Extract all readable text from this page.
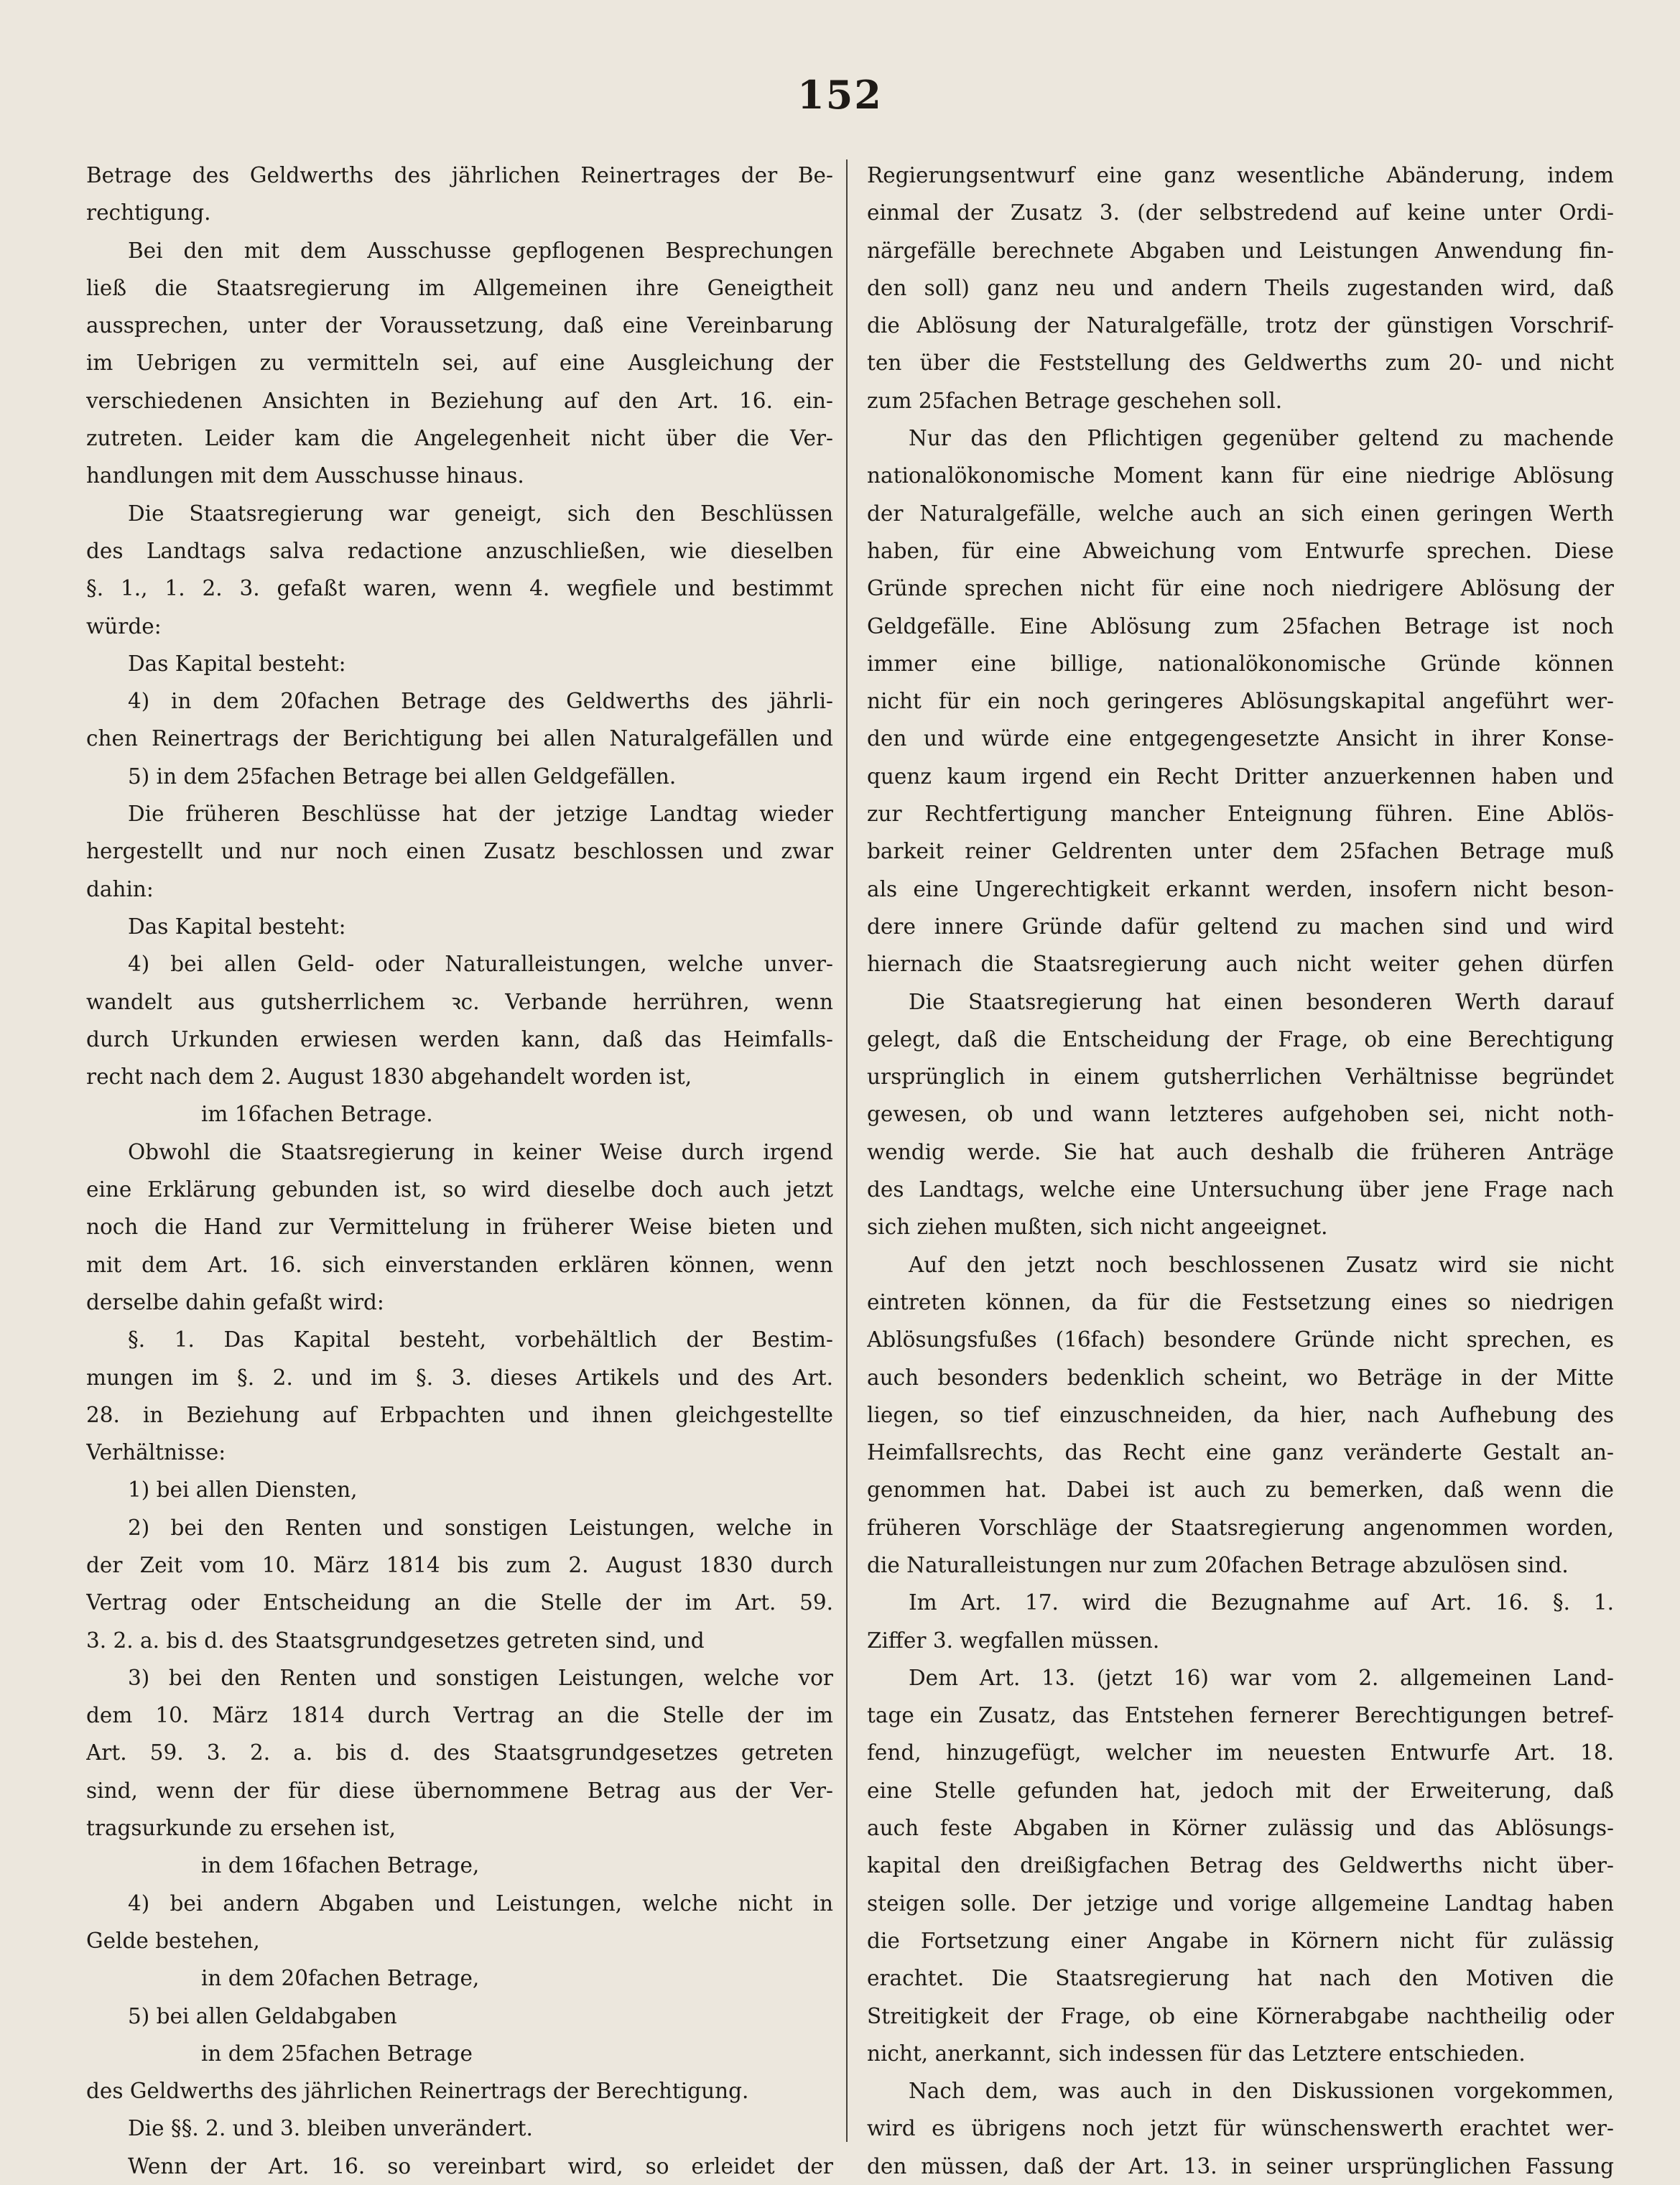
152
Betrage des Geldwerths des jährlichen Reinertrages der Be-
rechtigung.
Bei den mit dem Ausschusse gepflogenen Besprechungen
ließ die Staatsregierung im Allgemeinen ihre Geneigtheit
aussprechen, unter der Voraussetzung, daß eine Vereinbarung
im Uebrigen zu vermitteln sei, auf eine Ausgleichung der
verschiedenen Ansichten in Beziehung auf den Art. 16. ein-
zutreten. Leider kam die Angelegenheit nicht über die Ver-
handlungen mit dem Ausschusse hinaus.
Die Staatsregierung war geneigt, sich den Beschlüssen
des Landtags salva redactione anzuschließen, wie dieselben
§. 1., 1. 2. 3. gefaßt waren, wenn 4. wegfiele und bestimmt
würde:
Das Kapital besteht:
4) in dem 20fachen Betrage des Geldwerths des jährli-
chen Reinertrags der Berichtigung bei allen Naturalgefällen und
5) in dem 25fachen Betrage bei allen Geldgefällen.
Die früheren Beschlüsse hat der jetzige Landtag wieder
hergestellt und nur noch einen Zusatz beschlossen und zwar
dahin:
Das Kapital besteht:
4) bei allen Geld- oder Naturalleistungen, welche unver-
wandelt aus gutsherrlichem ꝛc. Verbande herrühren, wenn
durch Urkunden erwiesen werden kann, daß das Heimfalls-
recht nach dem 2. August 1830 abgehandelt worden ist,
im 16fachen Betrage.
Obwohl die Staatsregierung in keiner Weise durch irgend
eine Erklärung gebunden ist, so wird dieselbe doch auch jetzt
noch die Hand zur Vermittelung in früherer Weise bieten und
mit dem Art. 16. sich einverstanden erklären können, wenn
derselbe dahin gefaßt wird:
§. 1. Das Kapital besteht, vorbehältlich der Bestim-
mungen im §. 2. und im §. 3. dieses Artikels und des Art.
28. in Beziehung auf Erbpachten und ihnen gleichgestellte
Verhältnisse:
1) bei allen Diensten,
2) bei den Renten und sonstigen Leistungen, welche in
der Zeit vom 10. März 1814 bis zum 2. August 1830 durch
Vertrag oder Entscheidung an die Stelle der im Art. 59.
3. 2. a. bis d. des Staatsgrundgesetzes getreten sind, und
3) bei den Renten und sonstigen Leistungen, welche vor
dem 10. März 1814 durch Vertrag an die Stelle der im
Art. 59. 3. 2. a. bis d. des Staatsgrundgesetzes getreten
sind, wenn der für diese übernommene Betrag aus der Ver-
tragsurkunde zu ersehen ist,
in dem 16fachen Betrage,
4) bei andern Abgaben und Leistungen, welche nicht in
Gelde bestehen,
in dem 20fachen Betrage,
5) bei allen Geldabgaben
in dem 25fachen Betrage
des Geldwerths des jährlichen Reinertrags der Berechtigung.
Die §§. 2. und 3. bleiben unverändert.
Wenn der Art. 16. so vereinbart wird, so erleidet der
Regierungsentwurf eine ganz wesentliche Abänderung, indem
einmal der Zusatz 3. (der selbstredend auf keine unter Ordi-
närgefälle berechnete Abgaben und Leistungen Anwendung fin-
den soll) ganz neu und andern Theils zugestanden wird, daß
die Ablösung der Naturalgefälle, trotz der günstigen Vorschrif-
ten über die Feststellung des Geldwerths zum 20- und nicht
zum 25fachen Betrage geschehen soll.
Nur das den Pflichtigen gegenüber geltend zu machende
nationalökonomische Moment kann für eine niedrige Ablösung
der Naturalgefälle, welche auch an sich einen geringen Werth
haben, für eine Abweichung vom Entwurfe sprechen. Diese
Gründe sprechen nicht für eine noch niedrigere Ablösung der
Geldgefälle. Eine Ablösung zum 25fachen Betrage ist noch
immer eine billige, nationalökonomische Gründe können
nicht für ein noch geringeres Ablösungskapital angeführt wer-
den und würde eine entgegengesetzte Ansicht in ihrer Konse-
quenz kaum irgend ein Recht Dritter anzuerkennen haben und
zur Rechtfertigung mancher Enteignung führen. Eine Ablös-
barkeit reiner Geldrenten unter dem 25fachen Betrage muß
als eine Ungerechtigkeit erkannt werden, insofern nicht beson-
dere innere Gründe dafür geltend zu machen sind und wird
hiernach die Staatsregierung auch nicht weiter gehen dürfen
Die Staatsregierung hat einen besonderen Werth darauf
gelegt, daß die Entscheidung der Frage, ob eine Berechtigung
ursprünglich in einem gutsherrlichen Verhältnisse begründet
gewesen, ob und wann letzteres aufgehoben sei, nicht noth-
wendig werde. Sie hat auch deshalb die früheren Anträge
des Landtags, welche eine Untersuchung über jene Frage nach
sich ziehen mußten, sich nicht angeeignet.
Auf den jetzt noch beschlossenen Zusatz wird sie nicht
eintreten können, da für die Festsetzung eines so niedrigen
Ablösungsfußes (16fach) besondere Gründe nicht sprechen, es
auch besonders bedenklich scheint, wo Beträge in der Mitte
liegen, so tief einzuschneiden, da hier, nach Aufhebung des
Heimfallsrechts, das Recht eine ganz veränderte Gestalt an-
genommen hat. Dabei ist auch zu bemerken, daß wenn die
früheren Vorschläge der Staatsregierung angenommen worden,
die Naturalleistungen nur zum 20fachen Betrage abzulösen sind.
Im Art. 17. wird die Bezugnahme auf Art. 16. §. 1.
Ziffer 3. wegfallen müssen.
Dem Art. 13. (jetzt 16) war vom 2. allgemeinen Land-
tage ein Zusatz, das Entstehen fernerer Berechtigungen betref-
fend, hinzugefügt, welcher im neuesten Entwurfe Art. 18.
eine Stelle gefunden hat, jedoch mit der Erweiterung, daß
auch feste Abgaben in Körner zulässig und das Ablösungs-
kapital den dreißigfachen Betrag des Geldwerths nicht über-
steigen solle. Der jetzige und vorige allgemeine Landtag haben
die Fortsetzung einer Angabe in Körnern nicht für zulässig
erachtet. Die Staatsregierung hat nach den Motiven die
Streitigkeit der Frage, ob eine Körnerabgabe nachtheilig oder
nicht, anerkannt, sich indessen für das Letztere entschieden.
Nach dem, was auch in den Diskussionen vorgekommen,
wird es übrigens noch jetzt für wünschenswerth erachtet wer-
den müssen, daß der Art. 13. in seiner ursprünglichen Fassung
